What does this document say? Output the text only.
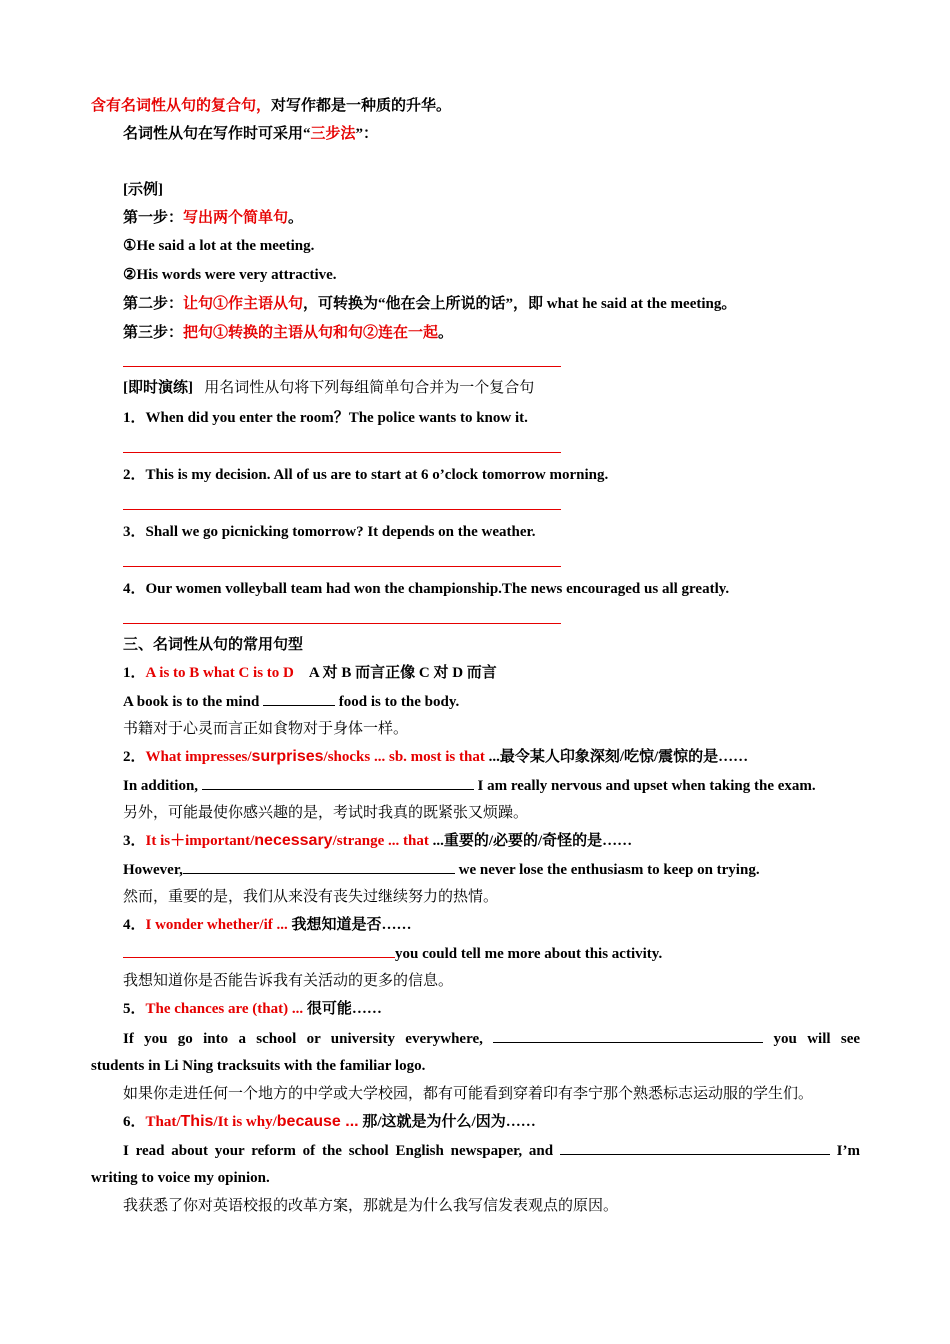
含有名词性从句的复合句，对写作都是一种质的升华。

名词性从句在写作时可采用“三步法”：

[示例]

第一步：写出两个简单句。

①He said a lot at the meeting.

②His words were very attractive.

第二步：让句①作主语从句，可转换为“他在会上所说的话”，即 what he said at the meeting。

第三步：把句①转换的主语从句和句②连在一起。

[即时演练] 用名词性从句将下列每组简单句合并为一个复合句

1．When did you enter the room？The police wants to know it.

2．This is my decision. All of us are to start at 6 o’clock tomorrow morning.

3．Shall we go picnicking tomorrow? It depends on the weather.

4．Our women volleyball team had won the championship.The news encouraged us all greatly.

三、名词性从句的常用句型

1．A is to B what C is to D A 对 B 而言正像 C 对 D 而言

A book is to the mind	food is to the body.

书籍对于心灵而言正如食物对于身体一样。

2．What impresses/surprises/shocks ... sb. most is that ...最令某人印象深刻/吃惊/震惊的是……

In addition,	I am really nervous and upset when taking the exam.

另外，可能最使你感兴趣的是，考试时我真的既紧张又烦躁。

3．It is＋important/necessary/strange ... that ...重要的/必要的/奇怪的是……

However,	we never lose the enthusiasm to keep on trying.

然而，重要的是，我们从来没有丧失过继续努力的热情。

4．I wonder whether/if ... 我想知道是否……

you could tell me more about this activity.

我想知道你是否能告诉我有关活动的更多的信息。

5．The chances are (that) ... 很可能……

If you go into a school or university everywhere,	you will see

students in Li Ning tracksuits with the familiar logo.

如果你走进任何一个地方的中学或大学校园，都有可能看到穿着印有李宁那个熟悉标志运动服的学生们。

6．That/This/It is why/because ... 那/这就是为什么/因为……

I read about your reform of the school English newspaper, and	I’m

writing to voice my opinion.

我获悉了你对英语校报的改革方案，那就是为什么我写信发表观点的原因。
